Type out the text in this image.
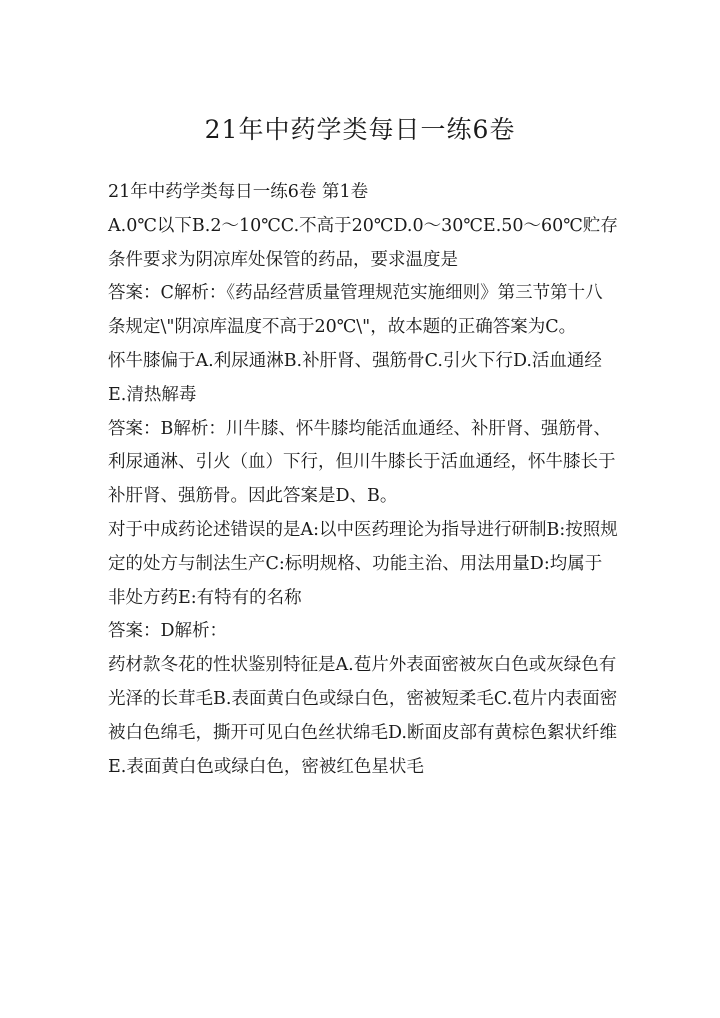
21年中药学类每日一练6卷

21年中药学类每日一练6卷 第1卷

A.0℃以下B.2～10℃C.不高于20℃D.0～30℃E.50～60℃贮存条件要求为阴凉库处保管的药品，要求温度是

答案：C解析：《药品经营质量管理规范实施细则》第三节第十八条规定\"阴凉库温度不高于20℃\"，故本题的正确答案为C。

怀牛膝偏于A.利尿通淋B.补肝肾、强筋骨C.引火下行D.活血通经E.清热解毒

答案：B解析：川牛膝、怀牛膝均能活血通经、补肝肾、强筋骨、利尿通淋、引火（血）下行，但川牛膝长于活血通经，怀牛膝长于补肝肾、强筋骨。因此答案是D、B。

对于中成药论述错误的是A:以中医药理论为指导进行研制B:按照规定的处方与制法生产C:标明规格、功能主治、用法用量D:均属于非处方药E:有特有的名称

答案：D解析：

药材款冬花的性状鉴别特征是A.苞片外表面密被灰白色或灰绿色有光泽的长茸毛B.表面黄白色或绿白色，密被短柔毛C.苞片内表面密被白色绵毛，撕开可见白色丝状绵毛D.断面皮部有黄棕色絮状纤维E.表面黄白色或绿白色，密被红色星状毛
